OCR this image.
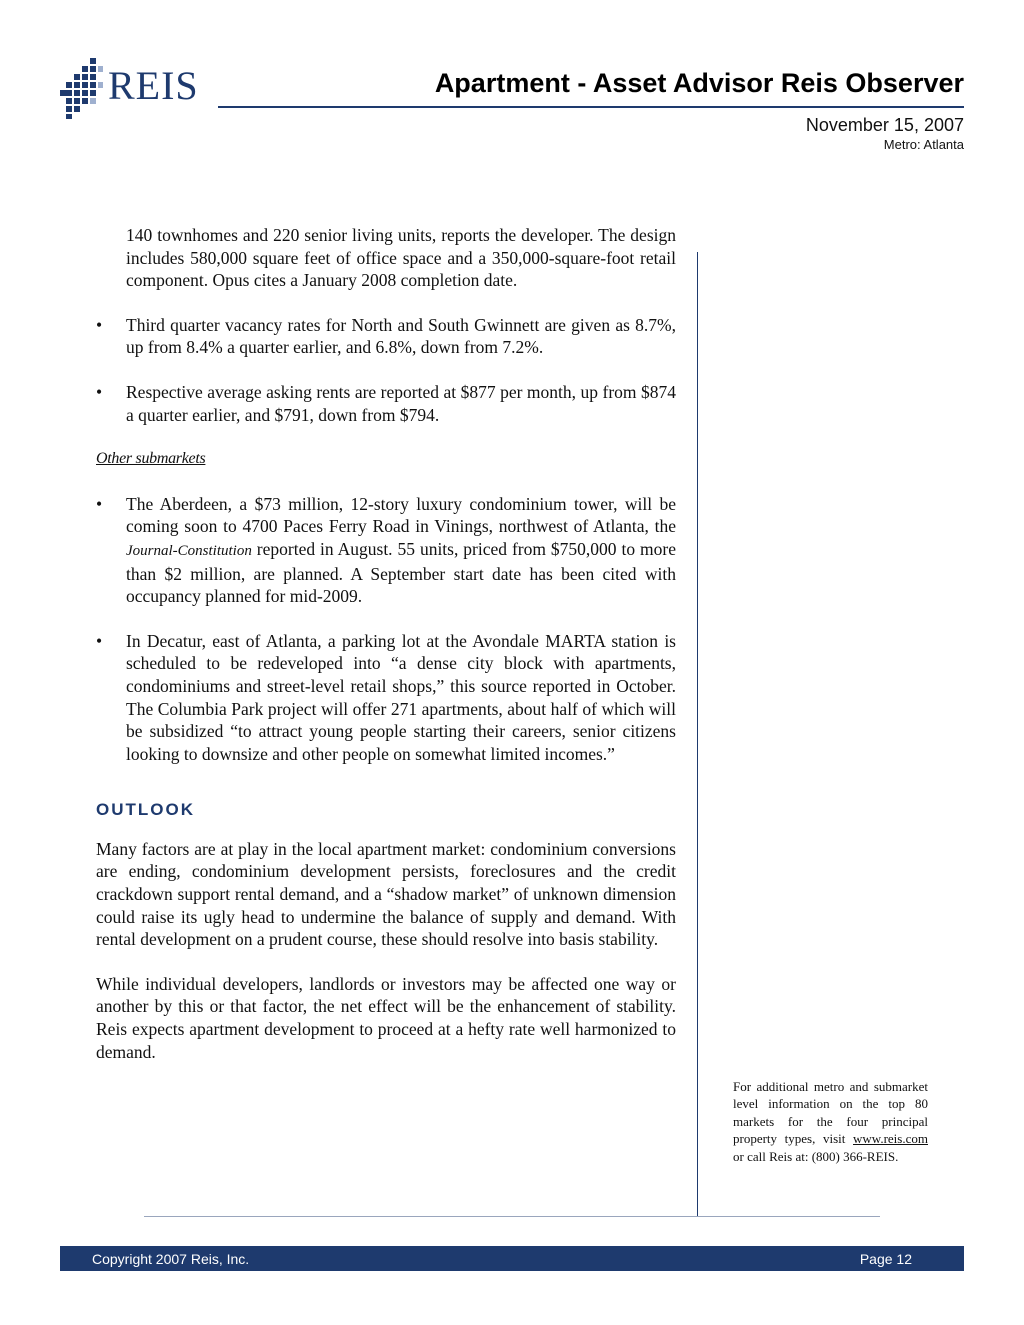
REIS	Apartment - Asset Advisor Reis Observer
November 15, 2007
Metro: Atlanta

140 townhomes and 220 senior living units, reports the developer. The design includes 580,000 square feet of office space and a 350,000-square-foot retail component. Opus cites a January 2008 completion date.

• Third quarter vacancy rates for North and South Gwinnett are given as 8.7%, up from 8.4% a quarter earlier, and 6.8%, down from 7.2%.
• Respective average asking rents are reported at $877 per month, up from $874 a quarter earlier, and $791, down from $794.

Other submarkets

• The Aberdeen, a $73 million, 12-story luxury condominium tower, will be coming soon to 4700 Paces Ferry Road in Vinings, northwest of Atlanta, the Journal-Constitution reported in August. 55 units, priced from $750,000 to more than $2 million, are planned. A September start date has been cited with occupancy planned for mid-2009.
• In Decatur, east of Atlanta, a parking lot at the Avondale MARTA station is scheduled to be redeveloped into “a dense city block with apartments, condominiums and street-level retail shops,” this source reported in October. The Columbia Park project will offer 271 apartments, about half of which will be subsidized “to attract young people starting their careers, senior citizens looking to downsize and other people on somewhat limited incomes.”

OUTLOOK

Many factors are at play in the local apartment market: condominium conversions are ending, condominium development persists, foreclosures and the credit crackdown support rental demand, and a “shadow market” of unknown dimension could raise its ugly head to undermine the balance of supply and demand. With rental development on a prudent course, these should resolve into basis stability.

While individual developers, landlords or investors may be affected one way or another by this or that factor, the net effect will be the enhancement of stability. Reis expects apartment development to proceed at a hefty rate well harmonized to demand.

For additional metro and submarket level information on the top 80 markets for the four principal property types, visit www.reis.com or call Reis at: (800) 366-REIS.
Copyright 2007 Reis, Inc.	Page 12
